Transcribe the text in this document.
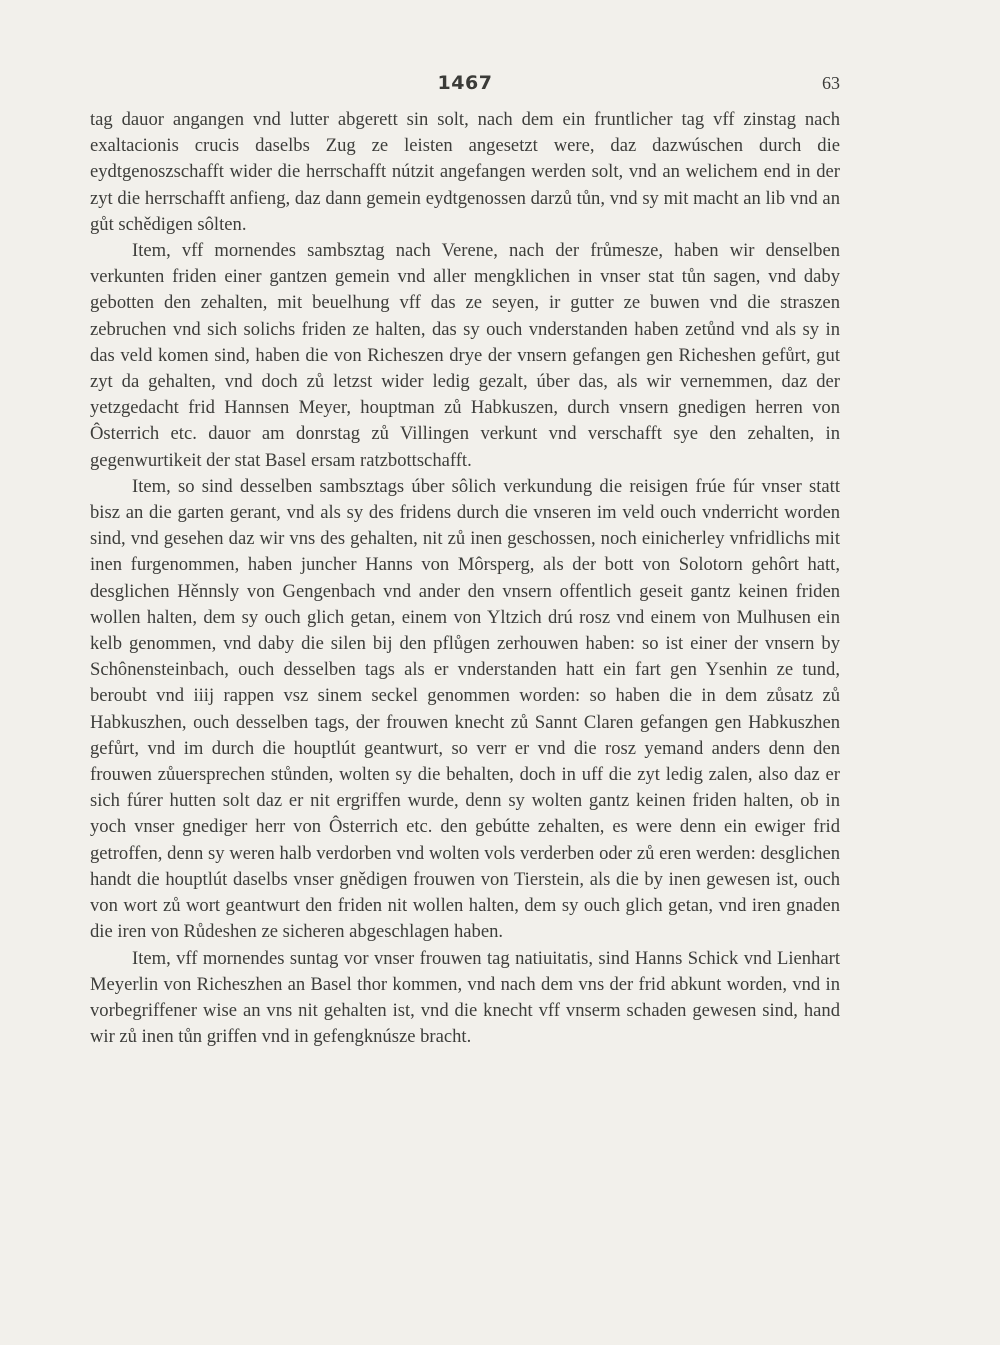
1467	63

tag dauor angangen vnd lutter abgerett sin solt, nach dem ein fruntlicher tag vff zinstag nach exaltacionis crucis daselbs Zug ze leisten angesetzt were, daz dazwúschen durch die eydtgenoszschafft wider die herrschafft nútzit angefangen werden solt, vnd an welichem end in der zyt die herrschafft anfieng, daz dann gemein eydtgenossen darzů tůn, vnd sy mit macht an lib vnd an gůt schědigen sôlten.

Item, vff mornendes sambsztag nach Verene, nach der frůmesze, haben wir denselben verkunten friden einer gantzen gemein vnd aller mengklichen in vnser stat tůn sagen, vnd daby gebotten den zehalten, mit beuelhung vff das ze seyen, ir gutter ze buwen vnd die straszen zebruchen vnd sich solichs friden ze halten, das sy ouch vnderstanden haben zetůnd vnd als sy in das veld komen sind, haben die von Richeszen drye der vnsern gefangen gen Richeshen gefůrt, gut zyt da gehalten, vnd doch zů letzst wider ledig gezalt, úber das, als wir vernemmen, daz der yetzgedacht frid Hannsen Meyer, houptman zů Habkuszen, durch vnsern gnedigen herren von Ôsterrich etc. dauor am donrstag zů Villingen verkunt vnd verschafft sye den zehalten, in gegenwurtikeit der stat Basel ersam ratzbottschafft.

Item, so sind desselben sambsztags úber sôlich verkundung die reisigen frúe fúr vnser statt bisz an die garten gerant, vnd als sy des fridens durch die vnseren im veld ouch vnderricht worden sind, vnd gesehen daz wir vns des gehalten, nit zů inen geschossen, noch einicherley vnfridlichs mit inen furgenommen, haben juncher Hanns von Môrsperg, als der bott von Solotorn gehôrt hatt, desglichen Hěnnsly von Gengenbach vnd ander den vnsern offentlich geseit gantz keinen friden wollen halten, dem sy ouch glich getan, einem von Yltzich drú rosz vnd einem von Mulhusen ein kelb genommen, vnd daby die silen bij den pflůgen zerhouwen haben: so ist einer der vnsern by Schônensteinbach, ouch desselben tags als er vnderstanden hatt ein fart gen Ysenhin ze tund, beroubt vnd iiij rappen vsz sinem seckel genommen worden: so haben die in dem zůsatz zů Habkuszhen, ouch desselben tags, der frouwen knecht zů Sannt Claren gefangen gen Habkuszhen gefůrt, vnd im durch die houptlút geantwurt, so verr er vnd die rosz yemand anders denn den frouwen zůuersprechen stůnden, wolten sy die behalten, doch in uff die zyt ledig zalen, also daz er sich fúrer hutten solt daz er nit ergriffen wurde, denn sy wolten gantz keinen friden halten, ob in yoch vnser gnediger herr von Ôsterrich etc. den gebútte zehalten, es were denn ein ewiger frid getroffen, denn sy weren halb verdorben vnd wolten vols verderben oder zů eren werden: desglichen handt die houptlút daselbs vnser gnědigen frouwen von Tierstein, als die by inen gewesen ist, ouch von wort zů wort geantwurt den friden nit wollen halten, dem sy ouch glich getan, vnd iren gnaden die iren von Růdeshen ze sicheren abgeschlagen haben.

Item, vff mornendes suntag vor vnser frouwen tag natiuitatis, sind Hanns Schick vnd Lienhart Meyerlin von Richeszhen an Basel thor kommen, vnd nach dem vns der frid abkunt worden, vnd in vorbegriffener wise an vns nit gehalten ist, vnd die knecht vff vnserm schaden gewesen sind, hand wir zů inen tůn griffen vnd in gefengknúsze bracht.
